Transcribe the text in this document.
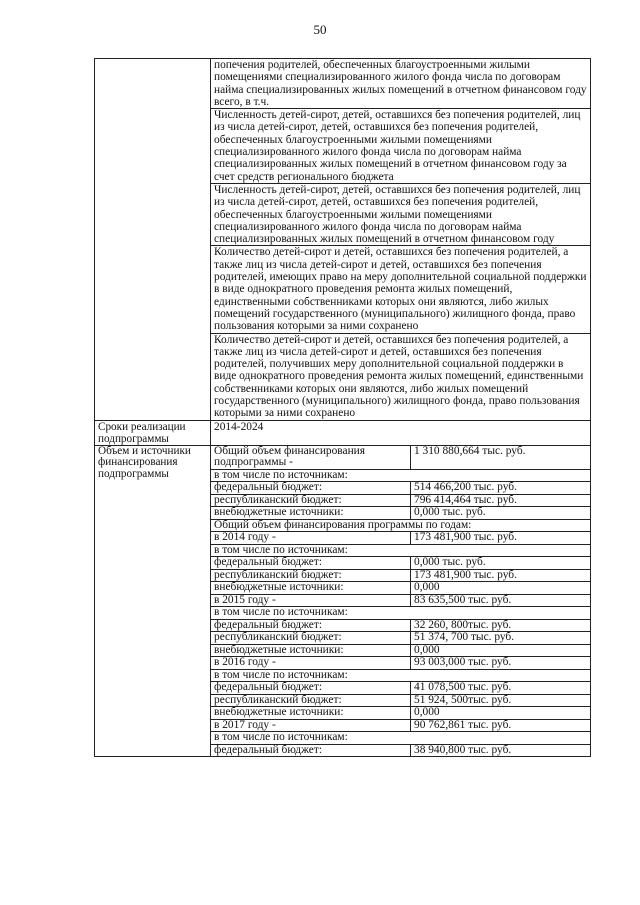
50
	попечения родителей, обеспеченных благоустроенными жилыми помещениями специализированного жилого фонда числа по договорам найма специализированных жилых помещений в отчетном финансовом году всего, в т.ч.	
	Численность детей-сирот, детей, оставшихся без попечения родителей, лиц из числа детей-сирот, детей, оставшихся без попечения родителей, обеспеченных благоустроенными жилыми помещениями специализированного жилого фонда числа по договорам найма специализированных жилых помещений в отчетном финансовом году за счет средств регионального бюджета	
	Численность детей-сирот, детей, оставшихся без попечения родителей, лиц из числа детей-сирот, детей, оставшихся без попечения родителей, обеспеченных благоустроенными жилыми помещениями специализированного жилого фонда числа по договорам найма специализированных жилых помещений в отчетном финансовом году	
	Количество детей-сирот и детей, оставшихся без попечения родителей, а также лиц из числа детей-сирот и детей, оставшихся без попечения родителей, имеющих право на меру дополнительной социальной поддержки в виде однократного проведения ремонта жилых помещений, единственными собственниками которых они являются, либо жилых помещений государственного (муниципального) жилищного фонда, право пользования которыми за ними сохранено	
	Количество детей-сирот и детей, оставшихся без попечения родителей, а также лиц из числа детей-сирот и детей, оставшихся без попечения родителей, получивших меру дополнительной социальной поддержки в виде однократного проведения ремонта жилых помещений, единственными собственниками которых они являются, либо жилых помещений государственного (муниципального) жилищного фонда, право пользования которыми за ними сохранено	
Сроки реализации подпрограммы	2014-2024	
Объем и источники финансирования подпрограммы	Общий объем финансирования подпрограммы -	1 310 880,664 тыс. руб.
	в том числе по источникам:	
	федеральный бюджет:	514 466,200 тыс. руб.
	республиканский бюджет:	796 414,464 тыс. руб.
	внебюджетные источники:	0,000 тыс. руб.
	Общий объем финансирования программы по годам:	
	в 2014 году -	173 481,900 тыс. руб.
	в том числе по источникам:	
	федеральный бюджет:	0,000 тыс. руб.
	республиканский бюджет:	173 481,900 тыс. руб.
	внебюджетные источники:	0,000
	в 2015 году -	83 635,500 тыс. руб.
	в том числе по источникам:	
	федеральный бюджет:	32 260, 800тыс. руб.
	республиканский бюджет:	51 374, 700 тыс. руб.
	внебюджетные источники:	0,000
	в 2016 году -	93 003,000 тыс. руб.
	в том числе по источникам:	
	федеральный бюджет:	41 078,500 тыс. руб.
	республиканский бюджет:	51 924, 500тыс. руб.
	внебюджетные источники:	0,000
	в 2017 году -	90 762,861 тыс. руб.
	в том числе по источникам:	
	федеральный бюджет:	38 940,800 тыс. руб.
